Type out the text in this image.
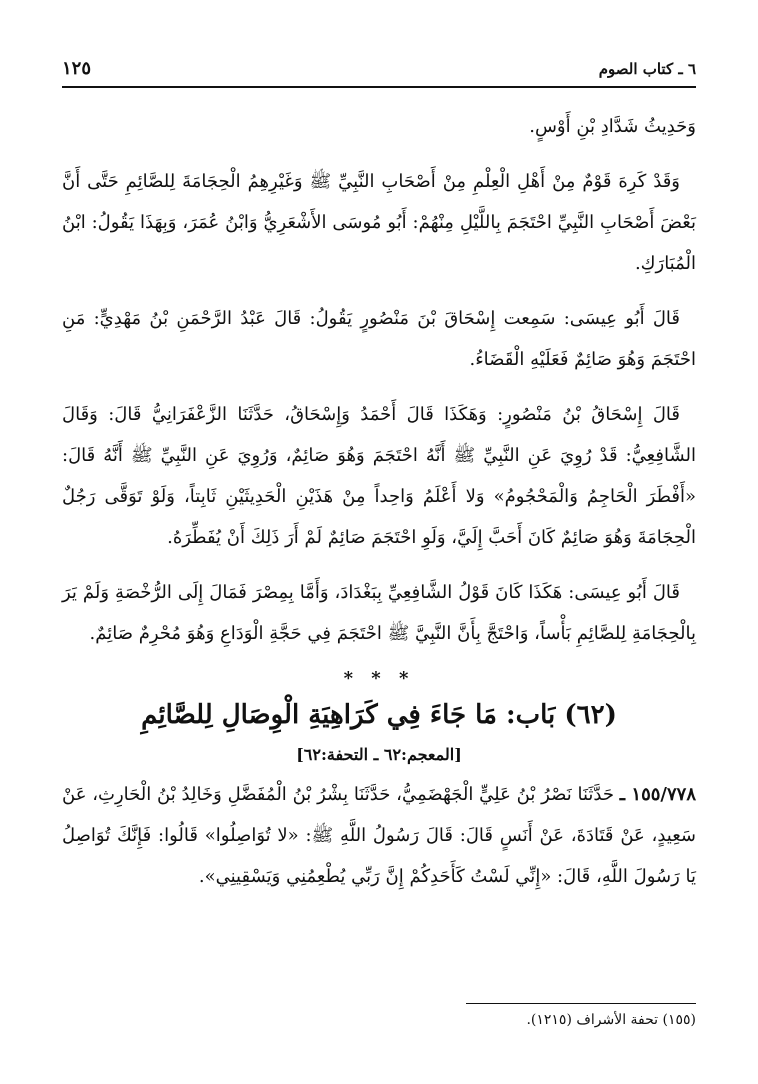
٦ ـ كتاب الصوم
١٢٥

وَحَدِيثُ شَدَّادِ بْنِ أَوْسٍ.

وَقَدْ كَرِهَ قَوْمٌ مِنْ أَهْلِ الْعِلْمِ مِنْ أَصْحَابِ النَّبِيِّ ﷺ وَغَيْرِهِمُ الْحِجَامَةَ لِلصَّائِمِ حَتَّى أَنَّ بَعْضَ أَصْحَابِ النَّبِيِّ احْتَجَمَ بِاللَّيْلِ مِنْهُمْ: أَبُو مُوسَى الأَشْعَرِيُّ وَابْنُ عُمَرَ، وَبِهَذَا يَقُولُ: ابْنُ الْمُبَارَكِ.

قَالَ أَبُو عِيسَى: سَمِعت إِسْحَاقَ بْنَ مَنْصُورٍ يَقُولُ: قَالَ عَبْدُ الرَّحْمَنِ بْنُ مَهْدِيٍّ: مَنِ احْتَجَمَ وَهُوَ صَائِمٌ فَعَلَيْهِ الْقَضَاءُ.

قَالَ إِسْحَاقُ بْنُ مَنْصُورٍ: وَهَكَذَا قَالَ أَحْمَدُ وَإِسْحَاقُ، حَدَّثَنَا الزَّعْفَرَانِيُّ قَالَ: وَقَالَ الشَّافِعِيُّ: قَدْ رُوِيَ عَنِ النَّبِيِّ ﷺ أَنَّهُ احْتَجَمَ وَهُوَ صَائِمٌ، وَرُوِيَ عَنِ النَّبِيِّ ﷺ أَنَّهُ قَالَ: «أَفْطَرَ الْحَاجِمُ وَالْمَحْجُومُ» وَلا أَعْلَمُ وَاحِداً مِنْ هَذَيْنِ الْحَدِيثَيْنِ ثَابِتاً، وَلَوْ تَوَقَّى رَجُلٌ الْحِجَامَةَ وَهُوَ صَائِمٌ كَانَ أَحَبَّ إِلَيَّ، وَلَوِ احْتَجَمَ صَائِمٌ لَمْ أَرَ ذَلِكَ أَنْ يُفَطِّرَهُ.

قَالَ أَبُو عِيسَى: هَكَذَا كَانَ قَوْلُ الشَّافِعِيِّ بِبَغْدَادَ، وَأَمَّا بِمِصْرَ فَمَالَ إِلَى الرُّخْصَةِ وَلَمْ يَرَ بِالْحِجَامَةِ لِلصَّائِمِ بَأْساً، وَاحْتَجَّ بِأَنَّ النَّبِيَّ ﷺ احْتَجَمَ فِي حَجَّةِ الْوَدَاعِ وَهُوَ مُحْرِمٌ صَائِمٌ.

* * *
(٦٢) بَاب: مَا جَاءَ فِي كَرَاهِيَةِ الْوِصَالِ لِلصَّائِمِ
[المعجم:٦٢ ـ التحفة:٦٢]

١٥٥/٧٧٨ ـ حَدَّثَنَا نَصْرُ بْنُ عَلِيٍّ الْجَهْضَمِيُّ، حَدَّثَنَا بِشْرُ بْنُ الْمُفَضَّلِ وَخَالِدُ بْنُ الْحَارِثِ، عَنْ سَعِيدٍ، عَنْ قَتَادَةَ، عَنْ أَنَسٍ قَالَ: قَالَ رَسُولُ اللَّهِ ﷺ: «لا تُوَاصِلُوا» قَالُوا: فَإِنَّكَ تُوَاصِلُ يَا رَسُولَ اللَّهِ، قَالَ: «إِنِّي لَسْتُ كَأَحَدِكُمْ إِنَّ رَبِّي يُطْعِمُنِي وَيَسْقِينِي».

(١٥٥) تحفة الأشراف (١٢١٥).
